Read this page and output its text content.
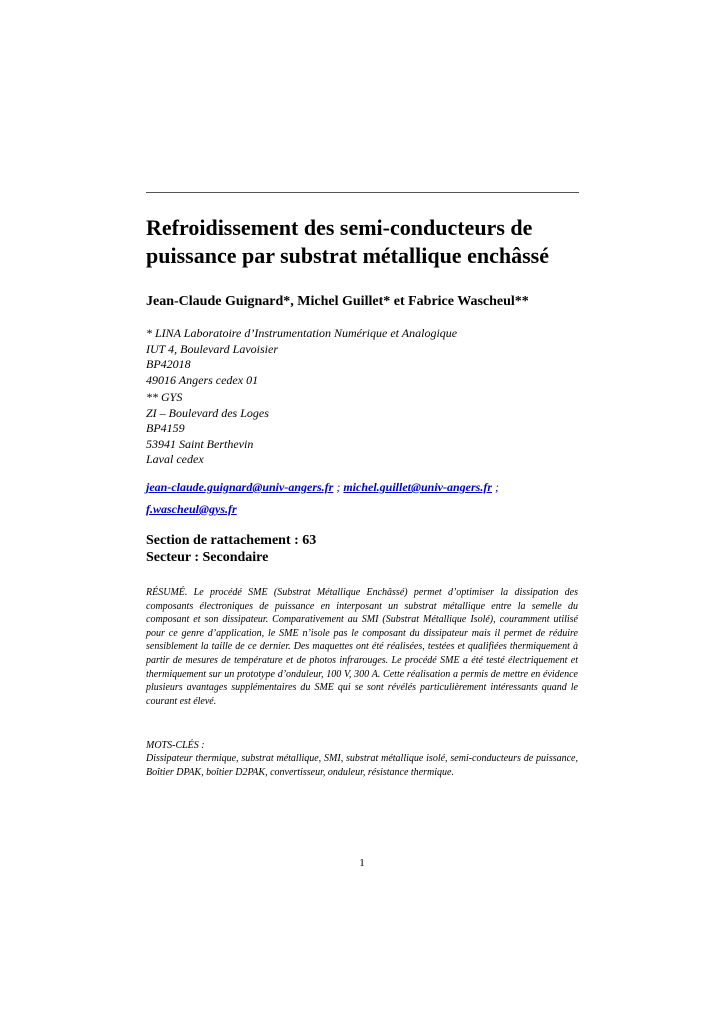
Refroidissement des semi-conducteurs de
puissance par substrat métallique enchâssé

Jean-Claude Guignard*, Michel Guillet* et Fabrice Wascheul**

* LINA Laboratoire d’Instrumentation Numérique et Analogique
IUT 4, Boulevard Lavoisier
BP42018
49016 Angers cedex 01
** GYS
ZI – Boulevard des Loges
BP4159
53941 Saint Berthevin
Laval cedex

jean-claude.guignard@univ-angers.fr ; michel.guillet@univ-angers.fr ;

f.wascheul@gys.fr

Section de rattachement : 63
Secteur : Secondaire

RÉSUMÉ. Le procédé SME (Substrat Métallique Enchâssé) permet d’optimiser la dissipation des composants électroniques de puissance en interposant un substrat métallique entre la semelle du composant et son dissipateur. Comparativement au SMI (Substrat Métallique Isolé), couramment utilisé pour ce genre d’application, le SME n’isole pas le composant du dissipateur mais il permet de réduire sensiblement la taille de ce dernier. Des maquettes ont été réalisées, testées et qualifiées thermiquement à partir de mesures de température et de photos infrarouges. Le procédé SME a été testé électriquement et thermiquement sur un prototype d’onduleur, 100 V, 300 A. Cette réalisation a permis de mettre en évidence plusieurs avantages supplémentaires du SME qui se sont révélés particulièrement intéressants quand le courant est élevé.

MOTS-CLÉS :

Dissipateur thermique, substrat métallique, SMI, substrat métallique isolé, semi-conducteurs de puissance, Boîtier DPAK, boîtier D2PAK, convertisseur, onduleur, résistance thermique.

1
